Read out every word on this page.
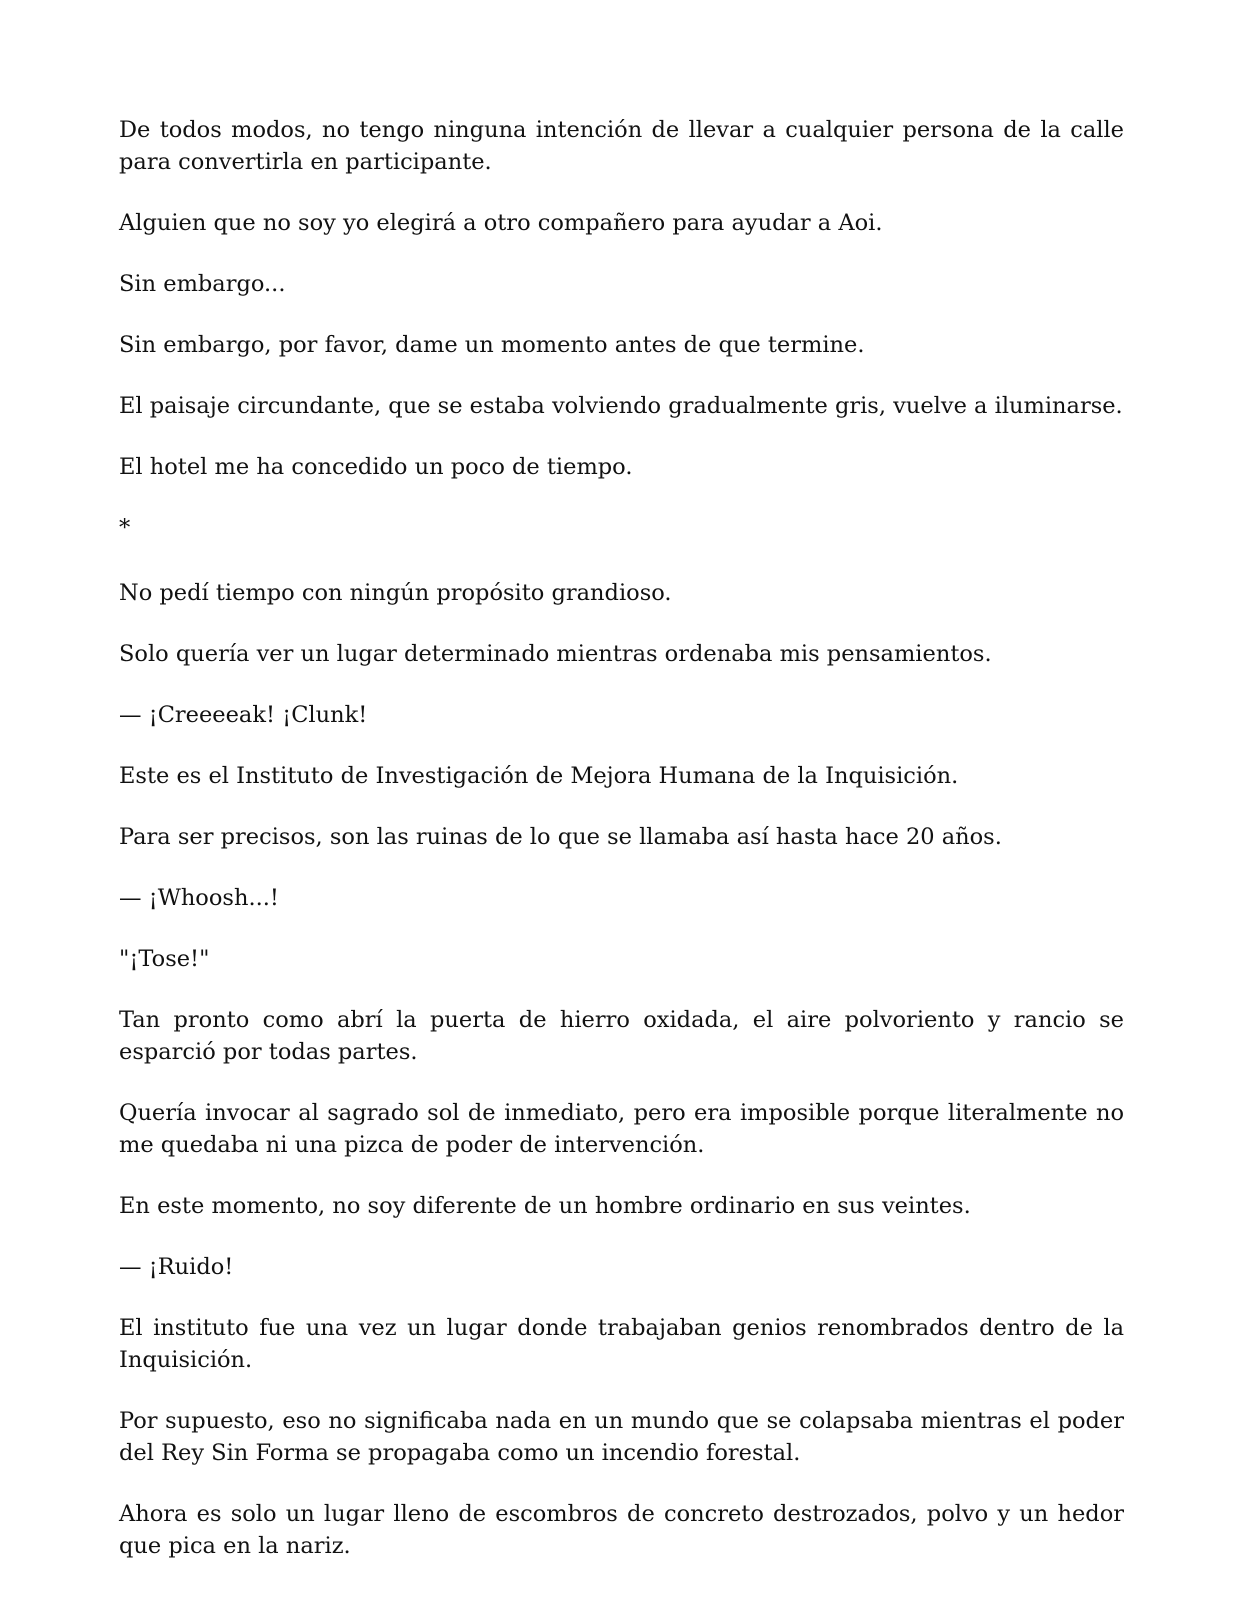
De todos modos, no tengo ninguna intención de llevar a cualquier persona de la calle para convertirla en participante.

Alguien que no soy yo elegirá a otro compañero para ayudar a Aoi.

Sin embargo...

Sin embargo, por favor, dame un momento antes de que termine.

El paisaje circundante, que se estaba volviendo gradualmente gris, vuelve a iluminarse.

El hotel me ha concedido un poco de tiempo.

*

No pedí tiempo con ningún propósito grandioso.

Solo quería ver un lugar determinado mientras ordenaba mis pensamientos.

— ¡Creeeeak! ¡Clunk!

Este es el Instituto de Investigación de Mejora Humana de la Inquisición.

Para ser precisos, son las ruinas de lo que se llamaba así hasta hace 20 años.

— ¡Whoosh...!

"¡Tose!"

Tan pronto como abrí la puerta de hierro oxidada, el aire polvoriento y rancio se esparció por todas partes.

Quería invocar al sagrado sol de inmediato, pero era imposible porque literalmente no me quedaba ni una pizca de poder de intervención.

En este momento, no soy diferente de un hombre ordinario en sus veintes.

— ¡Ruido!

El instituto fue una vez un lugar donde trabajaban genios renombrados dentro de la Inquisición.

Por supuesto, eso no significaba nada en un mundo que se colapsaba mientras el poder del Rey Sin Forma se propagaba como un incendio forestal.

Ahora es solo un lugar lleno de escombros de concreto destrozados, polvo y un hedor que pica en la nariz.
